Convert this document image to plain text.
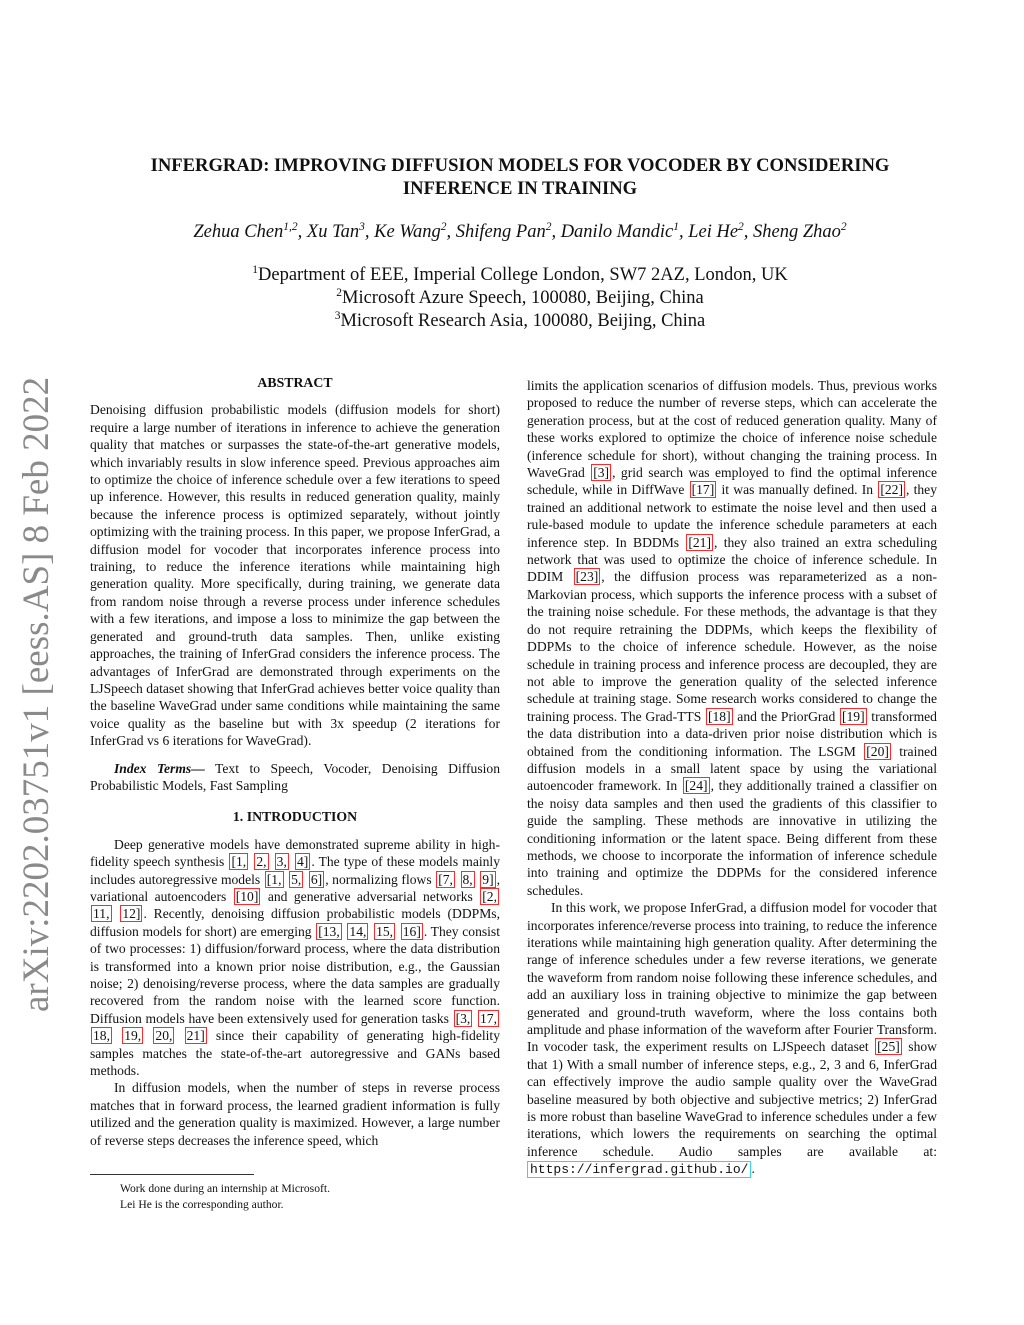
arXiv:2202.03751v1 [eess.AS] 8 Feb 2022
INFERGRAD: IMPROVING DIFFUSION MODELS FOR VOCODER BY CONSIDERING
INFERENCE IN TRAINING
Zehua Chen$^{1,2}$, Xu Tan$^3$, Ke Wang$^2$, Shifeng Pan$^2$, Danilo Mandic$^1$, Lei He$^2$, Sheng Zhao$^2$
$^1$Department of EEE, Imperial College London, SW7 2AZ, London, UK
$^2$Microsoft Azure Speech, 100080, Beijing, China
$^3$Microsoft Research Asia, 100080, Beijing, China
ABSTRACT

Denoising diffusion probabilistic models (diffusion models for short) require a large number of iterations in inference to achieve the generation quality that matches or surpasses the state-of-the-art generative models, which invariably results in slow inference speed. Previous approaches aim to optimize the choice of inference schedule over a few iterations to speed up inference. However, this results in reduced generation quality, mainly because the inference process is optimized separately, without jointly optimizing with the training process. In this paper, we propose InferGrad, a diffusion model for vocoder that incorporates inference process into training, to reduce the inference iterations while maintaining high generation quality. More specifically, during training, we generate data from random noise through a reverse process under inference schedules with a few iterations, and impose a loss to minimize the gap between the generated and ground-truth data samples. Then, unlike existing approaches, the training of InferGrad considers the inference process. The advantages of InferGrad are demonstrated through experiments on the LJSpeech dataset showing that InferGrad achieves better voice quality than the baseline WaveGrad under same conditions while maintaining the same voice quality as the baseline but with 3x speedup (2 iterations for InferGrad vs 6 iterations for WaveGrad).

Index Terms— Text to Speech, Vocoder, Denoising Diffusion Probabilistic Models, Fast Sampling

1. INTRODUCTION

Deep generative models have demonstrated supreme ability in high-fidelity speech synthesis [1, 2, 3, 4] . The type of these models mainly includes autoregressive models [1, 5, 6] , normalizing flows [7, 8, 9] , variational autoencoders [10] and generative adversarial networks [2, 11, 12] . Recently, denoising diffusion probabilistic models (DDPMs, diffusion models for short) are emerging [13, 14, 15, 16] . They consist of two processes: 1) diffusion/forward process, where the data distribution is transformed into a known prior noise distribution, e.g., the Gaussian noise; 2) denoising/reverse process, where the data samples are gradually recovered from the random noise with the learned score function. Diffusion models have been extensively used for generation tasks [3, 17, 18, 19, 20, 21] since their capability of generating high-fidelity samples matches the state-of-the-art autoregressive and GANs based methods.

In diffusion models, when the number of steps in reverse process matches that in forward process, the learned gradient information is fully utilized and the generation quality is maximized. However, a large number of reverse steps decreases the inference speed, which

Work done during an internship at Microsoft.

Lei He is the corresponding author.

limits the application scenarios of diffusion models. Thus, previous works proposed to reduce the number of reverse steps, which can accelerate the generation process, but at the cost of reduced generation quality. Many of these works explored to optimize the choice of inference noise schedule (inference schedule for short), without changing the training process. In WaveGrad [3] , grid search was employed to find the optimal inference schedule, while in DiffWave [17] it was manually defined. In [22] , they trained an additional network to estimate the noise level and then used a rule-based module to update the inference schedule parameters at each inference step. In BDDMs [21] , they also trained an extra scheduling network that was used to optimize the choice of inference schedule. In DDIM [23] , the diffusion process was reparameterized as a non-Markovian process, which supports the inference process with a subset of the training noise schedule. For these methods, the advantage is that they do not require retraining the DDPMs, which keeps the flexibility of DDPMs to the choice of inference schedule. However, as the noise schedule in training process and inference process are decoupled, they are not able to improve the generation quality of the selected inference schedule at training stage. Some research works considered to change the training process. The Grad-TTS [18] and the PriorGrad [19] transformed the data distribution into a data-driven prior noise distribution which is obtained from the conditioning information. The LSGM [20] trained diffusion models in a small latent space by using the variational autoencoder framework. In [24] , they additionally trained a classifier on the noisy data samples and then used the gradients of this classifier to guide the sampling. These methods are innovative in utilizing the conditioning information or the latent space. Being different from these methods, we choose to incorporate the information of inference schedule into training and optimize the DDPMs for the considered inference schedules.

In this work, we propose InferGrad, a diffusion model for vocoder that incorporates inference/reverse process into training, to reduce the inference iterations while maintaining high generation quality. After determining the range of inference schedules under a few reverse iterations, we generate the waveform from random noise following these inference schedules, and add an auxiliary loss in training objective to minimize the gap between generated and ground-truth waveform, where the loss contains both amplitude and phase information of the waveform after Fourier Transform. In vocoder task, the experiment results on LJSpeech dataset [25] show that 1) With a small number of inference steps, e.g., 2, 3 and 6, InferGrad can effectively improve the audio sample quality over the WaveGrad baseline measured by both objective and subjective metrics; 2) InferGrad is more robust than baseline WaveGrad to inference schedules under a few iterations, which lowers the requirements on searching the optimal inference schedule. Audio samples are available at: https://infergrad.github.io/ .
